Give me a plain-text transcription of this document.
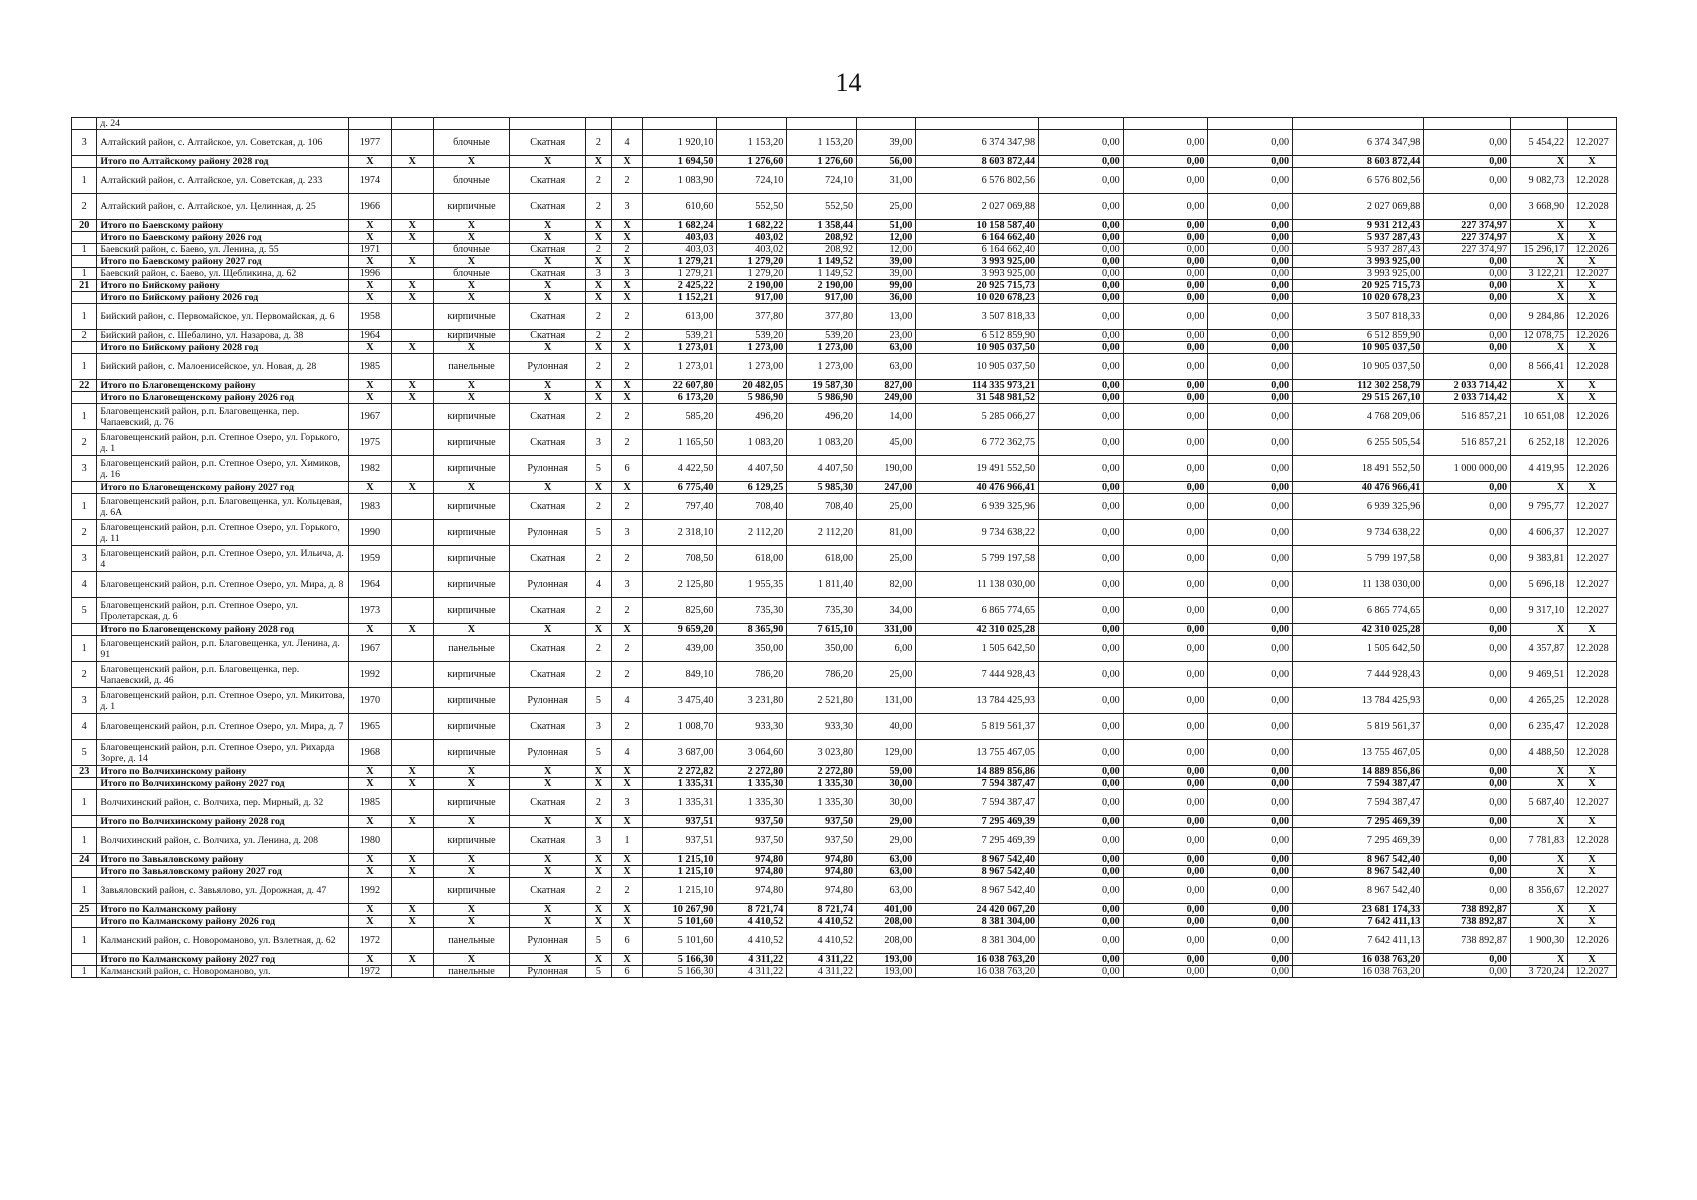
14
	д. 24																		
3	Алтайский район, с. Алтайское, ул. Советская, д. 106	1977		блочные	Скатная	2	4	1 920,10	1 153,20	1 153,20	39,00	6 374 347,98	0,00	0,00	0,00	6 374 347,98	0,00	5 454,22	12.2027
	Итого по Алтайскому району 2028 год	X	X	X	X	X	X	1 694,50	1 276,60	1 276,60	56,00	8 603 872,44	0,00	0,00	0,00	8 603 872,44	0,00	X	X
1	Алтайский район, с. Алтайское, ул. Советская, д. 233	1974		блочные	Скатная	2	2	1 083,90	724,10	724,10	31,00	6 576 802,56	0,00	0,00	0,00	6 576 802,56	0,00	9 082,73	12.2028
2	Алтайский район, с. Алтайское, ул. Целинная, д. 25	1966		кирпичные	Скатная	2	3	610,60	552,50	552,50	25,00	2 027 069,88	0,00	0,00	0,00	2 027 069,88	0,00	3 668,90	12.2028
20	Итого по Баевскому району	X	X	X	X	X	X	1 682,24	1 682,22	1 358,44	51,00	10 158 587,40	0,00	0,00	0,00	9 931 212,43	227 374,97	X	X
	Итого по Баевскому району 2026 год	X	X	X	X	X	X	403,03	403,02	208,92	12,00	6 164 662,40	0,00	0,00	0,00	5 937 287,43	227 374,97	X	X
1	Баевский район, с. Баево, ул. Ленина, д. 55	1971		блочные	Скатная	2	2	403,03	403,02	208,92	12,00	6 164 662,40	0,00	0,00	0,00	5 937 287,43	227 374,97	15 296,17	12.2026
	Итого по Баевскому району 2027 год	X	X	X	X	X	X	1 279,21	1 279,20	1 149,52	39,00	3 993 925,00	0,00	0,00	0,00	3 993 925,00	0,00	X	X
1	Баевский район, с. Баево, ул. Щебликина, д. 62	1996		блочные	Скатная	3	3	1 279,21	1 279,20	1 149,52	39,00	3 993 925,00	0,00	0,00	0,00	3 993 925,00	0,00	3 122,21	12.2027
21	Итого по Бийскому району	X	X	X	X	X	X	2 425,22	2 190,00	2 190,00	99,00	20 925 715,73	0,00	0,00	0,00	20 925 715,73	0,00	X	X
	Итого по Бийскому району 2026 год	X	X	X	X	X	X	1 152,21	917,00	917,00	36,00	10 020 678,23	0,00	0,00	0,00	10 020 678,23	0,00	X	X
1	Бийский район, с. Первомайское, ул. Первомайская, д. 6	1958		кирпичные	Скатная	2	2	613,00	377,80	377,80	13,00	3 507 818,33	0,00	0,00	0,00	3 507 818,33	0,00	9 284,86	12.2026
2	Бийский район, с. Шебалино, ул. Назарова, д. 38	1964		кирпичные	Скатная	2	2	539,21	539,20	539,20	23,00	6 512 859,90	0,00	0,00	0,00	6 512 859,90	0,00	12 078,75	12.2026
	Итого по Бийскому району 2028 год	X	X	X	X	X	X	1 273,01	1 273,00	1 273,00	63,00	10 905 037,50	0,00	0,00	0,00	10 905 037,50	0,00	X	X
1	Бийский район, с. Малоенисейское, ул. Новая, д. 28	1985		панельные	Рулонная	2	2	1 273,01	1 273,00	1 273,00	63,00	10 905 037,50	0,00	0,00	0,00	10 905 037,50	0,00	8 566,41	12.2028
22	Итого по Благовещенскому району	X	X	X	X	X	X	22 607,80	20 482,05	19 587,30	827,00	114 335 973,21	0,00	0,00	0,00	112 302 258,79	2 033 714,42	X	X
	Итого по Благовещенскому району 2026 год	X	X	X	X	X	X	6 173,20	5 986,90	5 986,90	249,00	31 548 981,52	0,00	0,00	0,00	29 515 267,10	2 033 714,42	X	X
1	Благовещенский район, р.п. Благовещенка, пер. Чапаевский, д. 76	1967		кирпичные	Скатная	2	2	585,20	496,20	496,20	14,00	5 285 066,27	0,00	0,00	0,00	4 768 209,06	516 857,21	10 651,08	12.2026
2	Благовещенский район, р.п. Степное Озеро, ул. Горького, д. 1	1975		кирпичные	Скатная	3	2	1 165,50	1 083,20	1 083,20	45,00	6 772 362,75	0,00	0,00	0,00	6 255 505,54	516 857,21	6 252,18	12.2026
3	Благовещенский район, р.п. Степное Озеро, ул. Химиков, д. 16	1982		кирпичные	Рулонная	5	6	4 422,50	4 407,50	4 407,50	190,00	19 491 552,50	0,00	0,00	0,00	18 491 552,50	1 000 000,00	4 419,95	12.2026
	Итого по Благовещенскому району 2027 год	X	X	X	X	X	X	6 775,40	6 129,25	5 985,30	247,00	40 476 966,41	0,00	0,00	0,00	40 476 966,41	0,00	X	X
1	Благовещенский район, р.п. Благовещенка, ул. Кольцевая, д. 6А	1983		кирпичные	Скатная	2	2	797,40	708,40	708,40	25,00	6 939 325,96	0,00	0,00	0,00	6 939 325,96	0,00	9 795,77	12.2027
2	Благовещенский район, р.п. Степное Озеро, ул. Горького, д. 11	1990		кирпичные	Рулонная	5	3	2 318,10	2 112,20	2 112,20	81,00	9 734 638,22	0,00	0,00	0,00	9 734 638,22	0,00	4 606,37	12.2027
3	Благовещенский район, р.п. Степное Озеро, ул. Ильича, д. 4	1959		кирпичные	Скатная	2	2	708,50	618,00	618,00	25,00	5 799 197,58	0,00	0,00	0,00	5 799 197,58	0,00	9 383,81	12.2027
4	Благовещенский район, р.п. Степное Озеро, ул. Мира, д. 8	1964		кирпичные	Рулонная	4	3	2 125,80	1 955,35	1 811,40	82,00	11 138 030,00	0,00	0,00	0,00	11 138 030,00	0,00	5 696,18	12.2027
5	Благовещенский район, р.п. Степное Озеро, ул. Пролетарская, д. 6	1973		кирпичные	Скатная	2	2	825,60	735,30	735,30	34,00	6 865 774,65	0,00	0,00	0,00	6 865 774,65	0,00	9 317,10	12.2027
	Итого по Благовещенскому району 2028 год	X	X	X	X	X	X	9 659,20	8 365,90	7 615,10	331,00	42 310 025,28	0,00	0,00	0,00	42 310 025,28	0,00	X	X
1	Благовещенский район, р.п. Благовещенка, ул. Ленина, д. 91	1967		панельные	Скатная	2	2	439,00	350,00	350,00	6,00	1 505 642,50	0,00	0,00	0,00	1 505 642,50	0,00	4 357,87	12.2028
2	Благовещенский район, р.п. Благовещенка, пер. Чапаевский, д. 46	1992		кирпичные	Скатная	2	2	849,10	786,20	786,20	25,00	7 444 928,43	0,00	0,00	0,00	7 444 928,43	0,00	9 469,51	12.2028
3	Благовещенский район, р.п. Степное Озеро, ул. Микитова, д. 1	1970		кирпичные	Рулонная	5	4	3 475,40	3 231,80	2 521,80	131,00	13 784 425,93	0,00	0,00	0,00	13 784 425,93	0,00	4 265,25	12.2028
4	Благовещенский район, р.п. Степное Озеро, ул. Мира, д. 7	1965		кирпичные	Скатная	3	2	1 008,70	933,30	933,30	40,00	5 819 561,37	0,00	0,00	0,00	5 819 561,37	0,00	6 235,47	12.2028
5	Благовещенский район, р.п. Степное Озеро, ул. Рихарда Зорге, д. 14	1968		кирпичные	Рулонная	5	4	3 687,00	3 064,60	3 023,80	129,00	13 755 467,05	0,00	0,00	0,00	13 755 467,05	0,00	4 488,50	12.2028
23	Итого по Волчихинскому району	X	X	X	X	X	X	2 272,82	2 272,80	2 272,80	59,00	14 889 856,86	0,00	0,00	0,00	14 889 856,86	0,00	X	X
	Итого по Волчихинскому району 2027 год	X	X	X	X	X	X	1 335,31	1 335,30	1 335,30	30,00	7 594 387,47	0,00	0,00	0,00	7 594 387,47	0,00	X	X
1	Волчихинский район, с. Волчиха, пер. Мирный, д. 32	1985		кирпичные	Скатная	2	3	1 335,31	1 335,30	1 335,30	30,00	7 594 387,47	0,00	0,00	0,00	7 594 387,47	0,00	5 687,40	12.2027
	Итого по Волчихинскому району 2028 год	X	X	X	X	X	X	937,51	937,50	937,50	29,00	7 295 469,39	0,00	0,00	0,00	7 295 469,39	0,00	X	X
1	Волчихинский район, с. Волчиха, ул. Ленина, д. 208	1980		кирпичные	Скатная	3	1	937,51	937,50	937,50	29,00	7 295 469,39	0,00	0,00	0,00	7 295 469,39	0,00	7 781,83	12.2028
24	Итого по Завьяловскому району	X	X	X	X	X	X	1 215,10	974,80	974,80	63,00	8 967 542,40	0,00	0,00	0,00	8 967 542,40	0,00	X	X
	Итого по Завьяловскому району 2027 год	X	X	X	X	X	X	1 215,10	974,80	974,80	63,00	8 967 542,40	0,00	0,00	0,00	8 967 542,40	0,00	X	X
1	Завьяловский район, с. Завьялово, ул. Дорожная, д. 47	1992		кирпичные	Скатная	2	2	1 215,10	974,80	974,80	63,00	8 967 542,40	0,00	0,00	0,00	8 967 542,40	0,00	8 356,67	12.2027
25	Итого по Калманскому району	X	X	X	X	X	X	10 267,90	8 721,74	8 721,74	401,00	24 420 067,20	0,00	0,00	0,00	23 681 174,33	738 892,87	X	X
	Итого по Калманскому району 2026 год	X	X	X	X	X	X	5 101,60	4 410,52	4 410,52	208,00	8 381 304,00	0,00	0,00	0,00	7 642 411,13	738 892,87	X	X
1	Калманский район, с. Новороманово, ул. Взлетная, д. 62	1972		панельные	Рулонная	5	6	5 101,60	4 410,52	4 410,52	208,00	8 381 304,00	0,00	0,00	0,00	7 642 411,13	738 892,87	1 900,30	12.2026
	Итого по Калманскому району 2027 год	X	X	X	X	X	X	5 166,30	4 311,22	4 311,22	193,00	16 038 763,20	0,00	0,00	0,00	16 038 763,20	0,00	X	X
1	Калманский район, с. Новороманово, ул.	1972		панельные	Рулонная	5	6	5 166,30	4 311,22	4 311,22	193,00	16 038 763,20	0,00	0,00	0,00	16 038 763,20	0,00	3 720,24	12.2027
